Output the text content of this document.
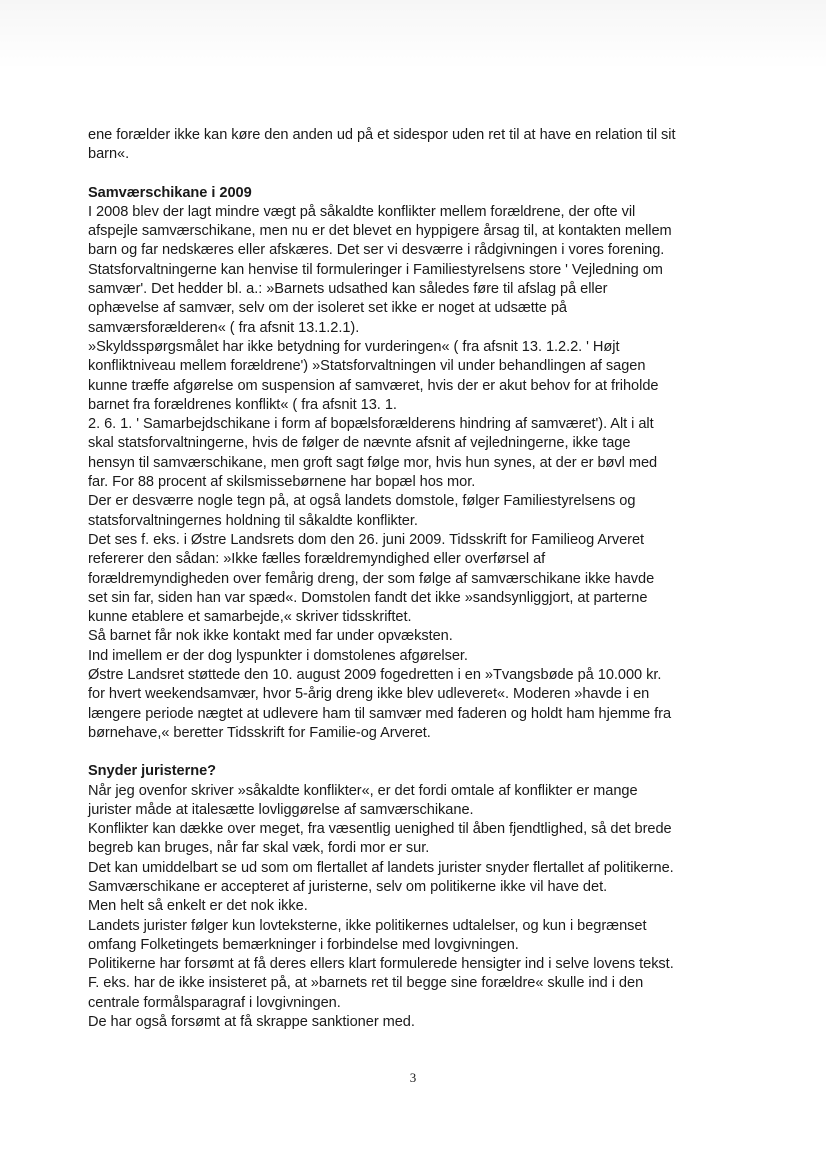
ene forælder ikke kan køre den anden ud på et sidespor uden ret til at have en relation til sit
barn«.
Samværschikane i 2009
I 2008 blev der lagt mindre vægt på såkaldte konflikter mellem forældrene, der ofte vil
afspejle samværschikane, men nu er det blevet en hyppigere årsag til, at kontakten mellem
barn og far nedskæres eller afskæres. Det ser vi desværre i rådgivningen i vores forening.
Statsforvaltningerne kan henvise til formuleringer i Familiestyrelsens store ' Vejledning om
samvær'. Det hedder bl. a.: »Barnets udsathed kan således føre til afslag på eller
ophævelse af samvær, selv om der isoleret set ikke er noget at udsætte på
samværsforælderen« ( fra afsnit 13.1.2.1).
»Skyldsspørgsmålet har ikke betydning for vurderingen« ( fra afsnit 13. 1.2.2. ' Højt
konfliktniveau mellem forældrene') »Statsforvaltningen vil under behandlingen af sagen
kunne træffe afgørelse om suspension af samværet, hvis der er akut behov for at friholde
barnet fra forældrenes konflikt« ( fra afsnit 13. 1.
2. 6. 1. ' Samarbejdschikane i form af bopælsforælderens hindring af samværet'). Alt i alt
skal statsforvaltningerne, hvis de følger de nævnte afsnit af vejledningerne, ikke tage
hensyn til samværschikane, men groft sagt følge mor, hvis hun synes, at der er bøvl med
far. For 88 procent af skilsmissebørnene har bopæl hos mor.
Der er desværre nogle tegn på, at også landets domstole, følger Familiestyrelsens og
statsforvaltningernes holdning til såkaldte konflikter.
Det ses f. eks. i Østre Landsrets dom den 26. juni 2009. Tidsskrift for Familieog Arveret
refererer den sådan: »Ikke fælles forældremyndighed eller overførsel af
forældremyndigheden over femårig dreng, der som følge af samværschikane ikke havde
set sin far, siden han var spæd«. Domstolen fandt det ikke »sandsynliggjort, at parterne
kunne etablere et samarbejde,« skriver tidsskriftet.
Så barnet får nok ikke kontakt med far under opvæksten.
Ind imellem er der dog lyspunkter i domstolenes afgørelser.
Østre Landsret støttede den 10. august 2009 fogedretten i en »Tvangsbøde på 10.000 kr.
for hvert weekendsamvær, hvor 5-årig dreng ikke blev udleveret«. Moderen »havde i en
længere periode nægtet at udlevere ham til samvær med faderen og holdt ham hjemme fra
børnehave,« beretter Tidsskrift for Familie-og Arveret.
Snyder juristerne?
Når jeg ovenfor skriver »såkaldte konflikter«, er det fordi omtale af konflikter er mange
jurister måde at italesætte lovliggørelse af samværschikane.
Konflikter kan dække over meget, fra væsentlig uenighed til åben fjendtlighed, så det brede
begreb kan bruges, når far skal væk, fordi mor er sur.
Det kan umiddelbart se ud som om flertallet af landets jurister snyder flertallet af politikerne.
Samværschikane er accepteret af juristerne, selv om politikerne ikke vil have det.
Men helt så enkelt er det nok ikke.
Landets jurister følger kun lovteksterne, ikke politikernes udtalelser, og kun i begrænset
omfang Folketingets bemærkninger i forbindelse med lovgivningen.
Politikerne har forsømt at få deres ellers klart formulerede hensigter ind i selve lovens tekst.
F. eks. har de ikke insisteret på, at »barnets ret til begge sine forældre« skulle ind i den
centrale formålsparagraf i lovgivningen.
De har også forsømt at få skrappe sanktioner med.
3
